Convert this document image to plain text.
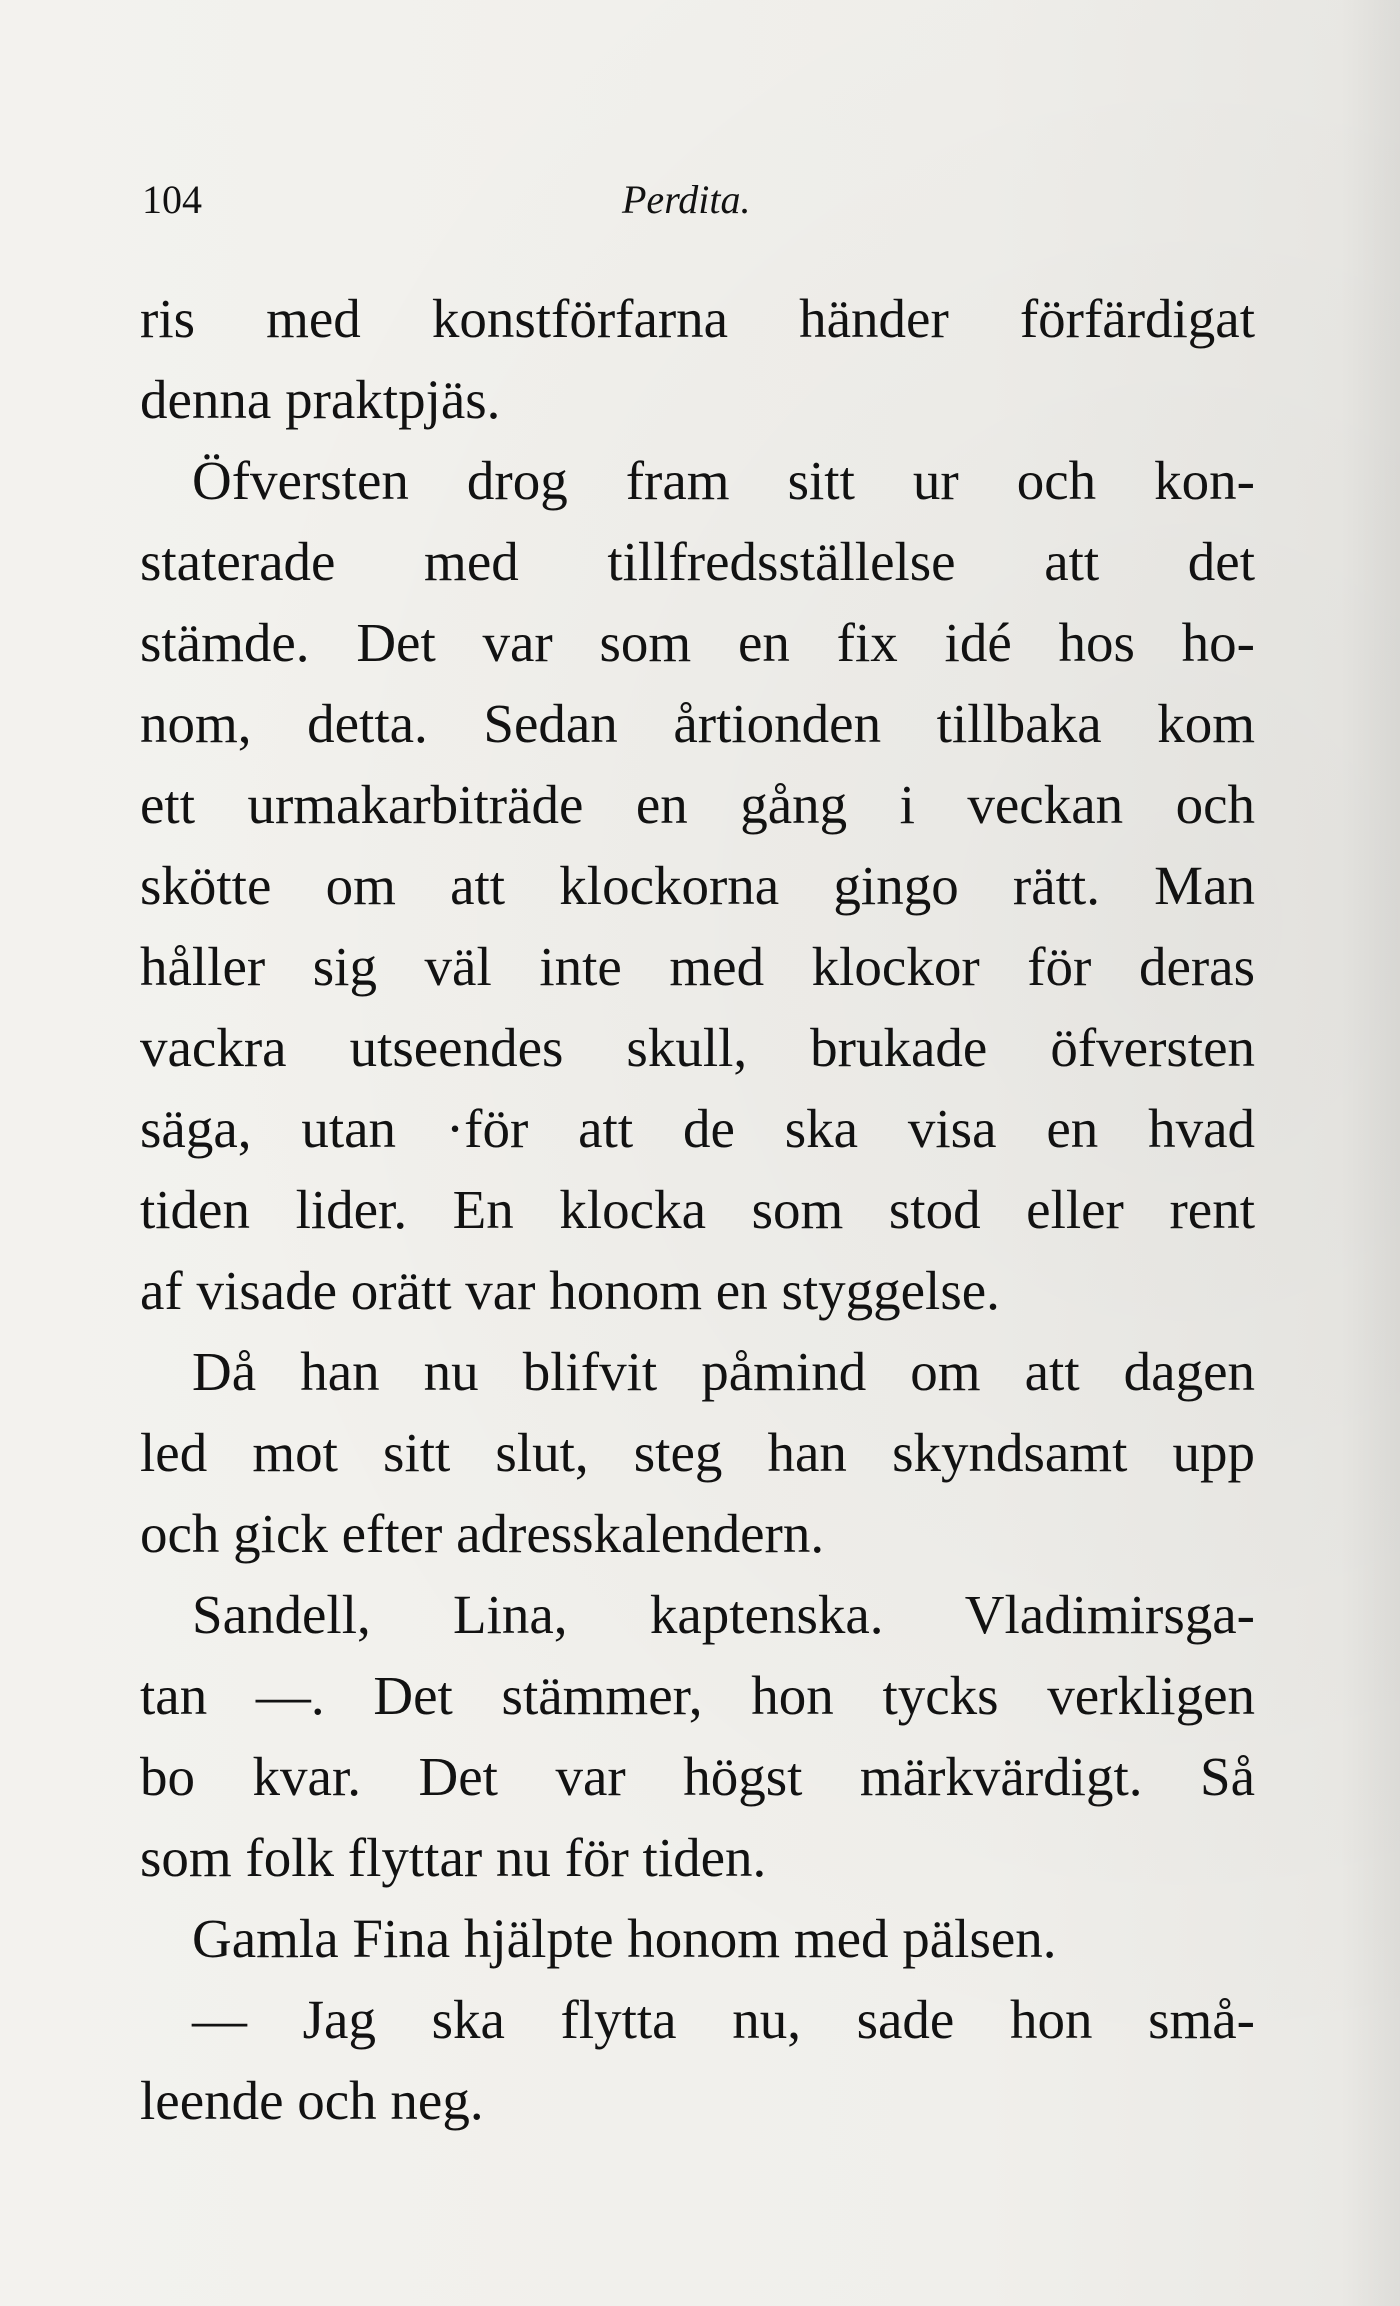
104	Perdita.
ris med konstförfarna händer förfärdigat
denna praktpjäs.
Öfversten drog fram sitt ur och kon-
staterade med tillfredsställelse att det
stämde. Det var som en fix idé hos ho-
nom, detta. Sedan årtionden tillbaka kom
ett urmakarbiträde en gång i veckan och
skötte om att klockorna gingo rätt. Man
håller sig väl inte med klockor för deras
vackra utseendes skull, brukade öfversten
säga, utan ·för att de ska visa en hvad
tiden lider. En klocka som stod eller rent
af visade orätt var honom en styggelse.
Då han nu blifvit påmind om att dagen
led mot sitt slut, steg han skyndsamt upp
och gick efter adresskalendern.
Sandell, Lina, kaptenska. Vladimirsga-
tan —. Det stämmer, hon tycks verkligen
bo kvar. Det var högst märkvärdigt. Så
som folk flyttar nu för tiden.
Gamla Fina hjälpte honom med pälsen.
— Jag ska flytta nu, sade hon små-
leende och neg.
